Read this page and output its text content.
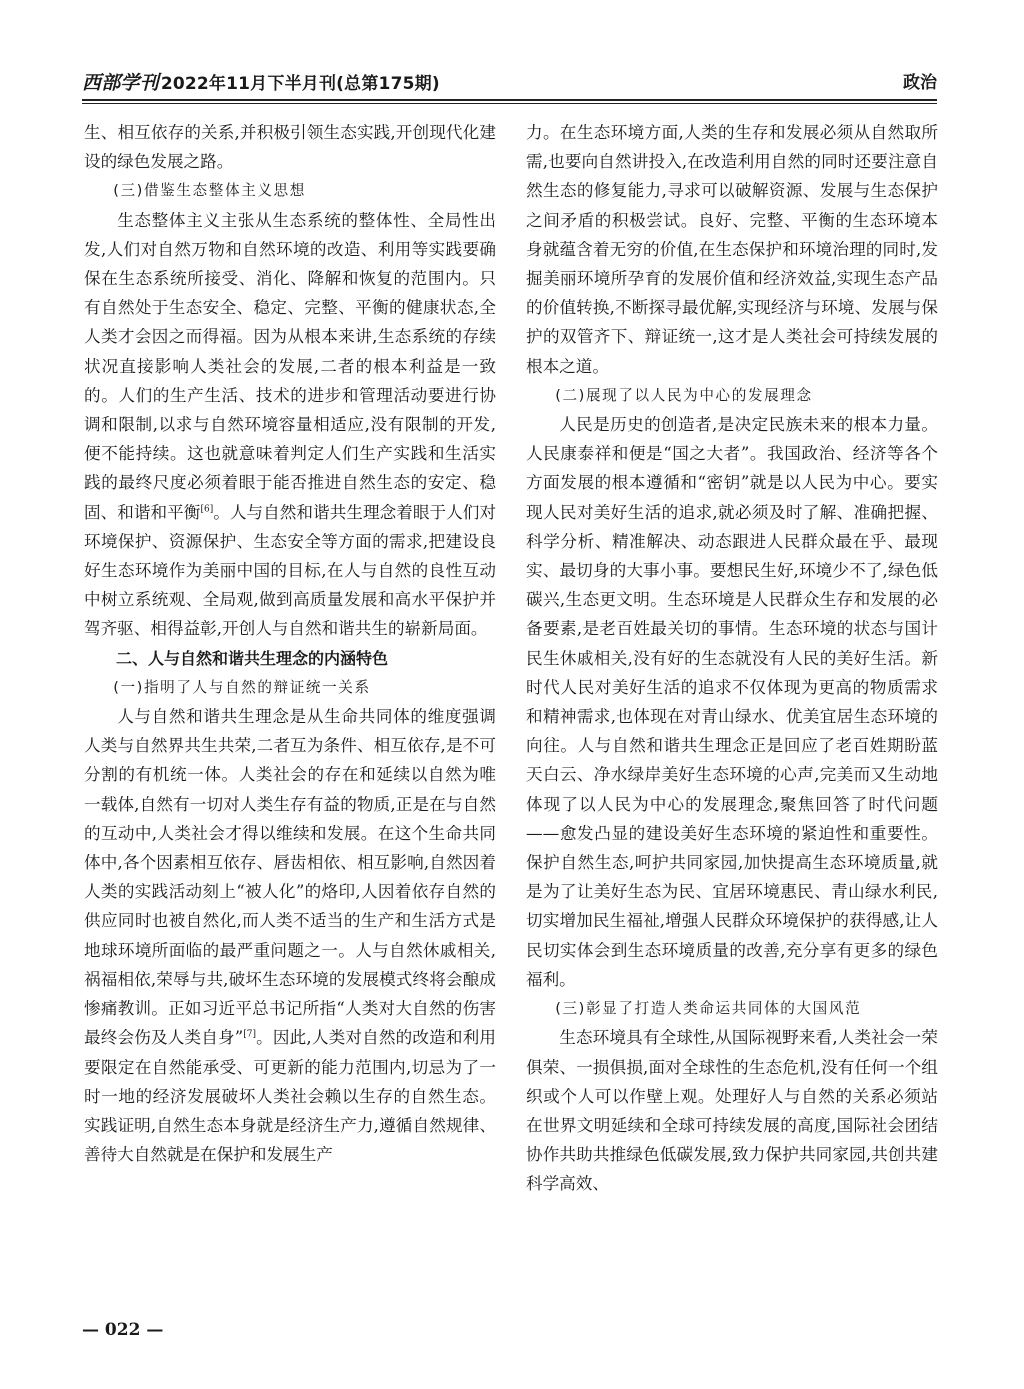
西部学刊 2022年11月下半月刊(总第175期)	政治

生、相互依存的关系,并积极引领生态实践,开创现代化建设的绿色发展之路。

(三)借鉴生态整体主义思想

生态整体主义主张从生态系统的整体性、全局性出发,人们对自然万物和自然环境的改造、利用等实践要确保在生态系统所接受、消化、降解和恢复的范围内。只有自然处于生态安全、稳定、完整、平衡的健康状态,全人类才会因之而得福。因为从根本来讲,生态系统的存续状况直接影响人类社会的发展,二者的根本利益是一致的。人们的生产生活、技术的进步和管理活动要进行协调和限制,以求与自然环境容量相适应,没有限制的开发,便不能持续。这也就意味着判定人们生产实践和生活实践的最终尺度必须着眼于能否推进自然生态的安定、稳固、和谐和平衡[6]。人与自然和谐共生理念着眼于人们对环境保护、资源保护、生态安全等方面的需求,把建设良好生态环境作为美丽中国的目标,在人与自然的良性互动中树立系统观、全局观,做到高质量发展和高水平保护并驾齐驱、相得益彰,开创人与自然和谐共生的崭新局面。

二、人与自然和谐共生理念的内涵特色

(一)指明了人与自然的辩证统一关系

人与自然和谐共生理念是从生命共同体的维度强调人类与自然界共生共荣,二者互为条件、相互依存,是不可分割的有机统一体。人类社会的存在和延续以自然为唯一载体,自然有一切对人类生存有益的物质,正是在与自然的互动中,人类社会才得以维续和发展。在这个生命共同体中,各个因素相互依存、唇齿相依、相互影响,自然因着人类的实践活动刻上“被人化”的烙印,人因着依存自然的供应同时也被自然化,而人类不适当的生产和生活方式是地球环境所面临的最严重问题之一。人与自然休戚相关,祸福相依,荣辱与共,破坏生态环境的发展模式终将会酿成惨痛教训。正如习近平总书记所指“人类对大自然的伤害最终会伤及人类自身”[7]。因此,人类对自然的改造和利用要限定在自然能承受、可更新的能力范围内,切忌为了一时一地的经济发展破坏人类社会赖以生存的自然生态。实践证明,自然生态本身就是经济生产力,遵循自然规律、善待大自然就是在保护和发展生产

力。在生态环境方面,人类的生存和发展必须从自然取所需,也要向自然讲投入,在改造利用自然的同时还要注意自然生态的修复能力,寻求可以破解资源、发展与生态保护之间矛盾的积极尝试。良好、完整、平衡的生态环境本身就蕴含着无穷的价值,在生态保护和环境治理的同时,发掘美丽环境所孕育的发展价值和经济效益,实现生态产品的价值转换,不断探寻最优解,实现经济与环境、发展与保护的双管齐下、辩证统一,这才是人类社会可持续发展的根本之道。

(二)展现了以人民为中心的发展理念

人民是历史的创造者,是决定民族未来的根本力量。人民康泰祥和便是“国之大者”。我国政治、经济等各个方面发展的根本遵循和“密钥”就是以人民为中心。要实现人民对美好生活的追求,就必须及时了解、准确把握、科学分析、精准解决、动态跟进人民群众最在乎、最现实、最切身的大事小事。要想民生好,环境少不了,绿色低碳兴,生态更文明。生态环境是人民群众生存和发展的必备要素,是老百姓最关切的事情。生态环境的状态与国计民生休戚相关,没有好的生态就没有人民的美好生活。新时代人民对美好生活的追求不仅体现为更高的物质需求和精神需求,也体现在对青山绿水、优美宜居生态环境的向往。人与自然和谐共生理念正是回应了老百姓期盼蓝天白云、净水绿岸美好生态环境的心声,完美而又生动地体现了以人民为中心的发展理念,聚焦回答了时代问题——愈发凸显的建设美好生态环境的紧迫性和重要性。保护自然生态,呵护共同家园,加快提高生态环境质量,就是为了让美好生态为民、宜居环境惠民、青山绿水利民,切实增加民生福祉,增强人民群众环境保护的获得感,让人民切实体会到生态环境质量的改善,充分享有更多的绿色福利。

(三)彰显了打造人类命运共同体的大国风范

生态环境具有全球性,从国际视野来看,人类社会一荣俱荣、一损俱损,面对全球性的生态危机,没有任何一个组织或个人可以作壁上观。处理好人与自然的关系必须站在世界文明延续和全球可持续发展的高度,国际社会团结协作共助共推绿色低碳发展,致力保护共同家园,共创共建科学高效、

— 022 —
